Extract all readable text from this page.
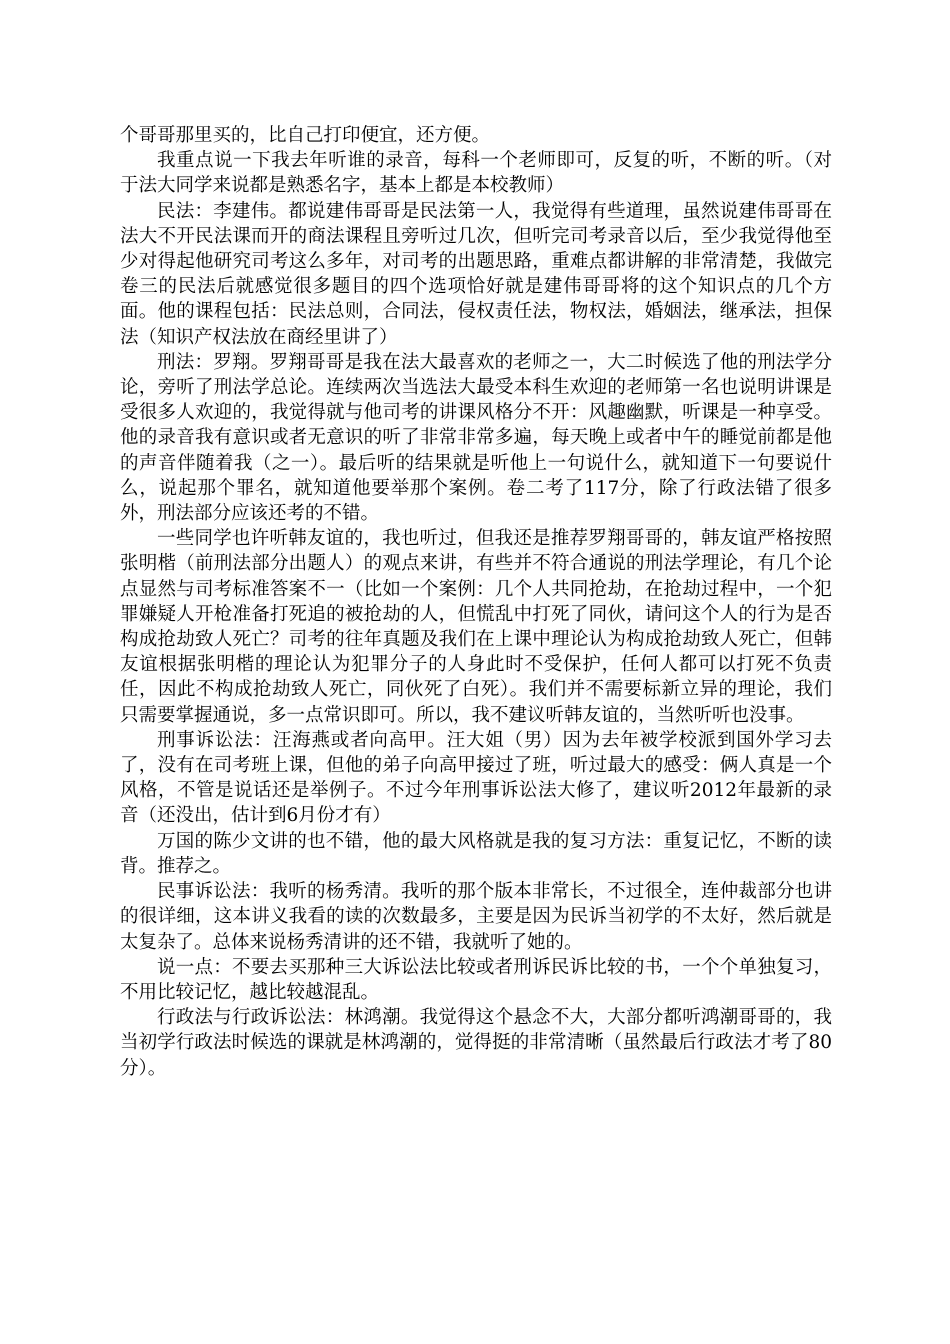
个哥哥那里买的，比自己打印便宜，还方便。

我重点说一下我去年听谁的录音，每科一个老师即可，反复的听，不断的听。（对于法大同学来说都是熟悉名字，基本上都是本校教师）

民法：李建伟。都说建伟哥哥是民法第一人，我觉得有些道理，虽然说建伟哥哥在法大不开民法课而开的商法课程且旁听过几次，但听完司考录音以后，至少我觉得他至少对得起他研究司考这么多年，对司考的出题思路，重难点都讲解的非常清楚，我做完卷三的民法后就感觉很多题目的四个选项恰好就是建伟哥哥将的这个知识点的几个方面。他的课程包括：民法总则，合同法，侵权责任法，物权法，婚姻法，继承法，担保法（知识产权法放在商经里讲了）

刑法：罗翔。罗翔哥哥是我在法大最喜欢的老师之一，大二时候选了他的刑法学分论，旁听了刑法学总论。连续两次当选法大最受本科生欢迎的老师第一名也说明讲课是受很多人欢迎的，我觉得就与他司考的讲课风格分不开：风趣幽默，听课是一种享受。他的录音我有意识或者无意识的听了非常非常多遍，每天晚上或者中午的睡觉前都是他的声音伴随着我（之一）。最后听的结果就是听他上一句说什么，就知道下一句要说什么，说起那个罪名，就知道他要举那个案例。卷二考了117分，除了行政法错了很多外，刑法部分应该还考的不错。

一些同学也许听韩友谊的，我也听过，但我还是推荐罗翔哥哥的，韩友谊严格按照张明楷（前刑法部分出题人）的观点来讲，有些并不符合通说的刑法学理论，有几个论点显然与司考标准答案不一（比如一个案例：几个人共同抢劫，在抢劫过程中，一个犯罪嫌疑人开枪准备打死追的被抢劫的人，但慌乱中打死了同伙，请问这个人的行为是否构成抢劫致人死亡？司考的往年真题及我们在上课中理论认为构成抢劫致人死亡，但韩友谊根据张明楷的理论认为犯罪分子的人身此时不受保护，任何人都可以打死不负责任，因此不构成抢劫致人死亡，同伙死了白死）。我们并不需要标新立异的理论，我们只需要掌握通说，多一点常识即可。所以，我不建议听韩友谊的，当然听听也没事。

刑事诉讼法：汪海燕或者向高甲。汪大姐（男）因为去年被学校派到国外学习去了，没有在司考班上课，但他的弟子向高甲接过了班，听过最大的感受：俩人真是一个风格，不管是说话还是举例子。不过今年刑事诉讼法大修了，建议听2012年最新的录音（还没出，估计到6月份才有）

万国的陈少文讲的也不错，他的最大风格就是我的复习方法：重复记忆，不断的读背。推荐之。

民事诉讼法：我听的杨秀清。我听的那个版本非常长，不过很全，连仲裁部分也讲的很详细，这本讲义我看的读的次数最多，主要是因为民诉当初学的不太好，然后就是太复杂了。总体来说杨秀清讲的还不错，我就听了她的。

说一点：不要去买那种三大诉讼法比较或者刑诉民诉比较的书，一个个单独复习，不用比较记忆，越比较越混乱。

行政法与行政诉讼法：林鸿潮。我觉得这个悬念不大，大部分都听鸿潮哥哥的，我当初学行政法时候选的课就是林鸿潮的，觉得挺的非常清晰（虽然最后行政法才考了80分）。
